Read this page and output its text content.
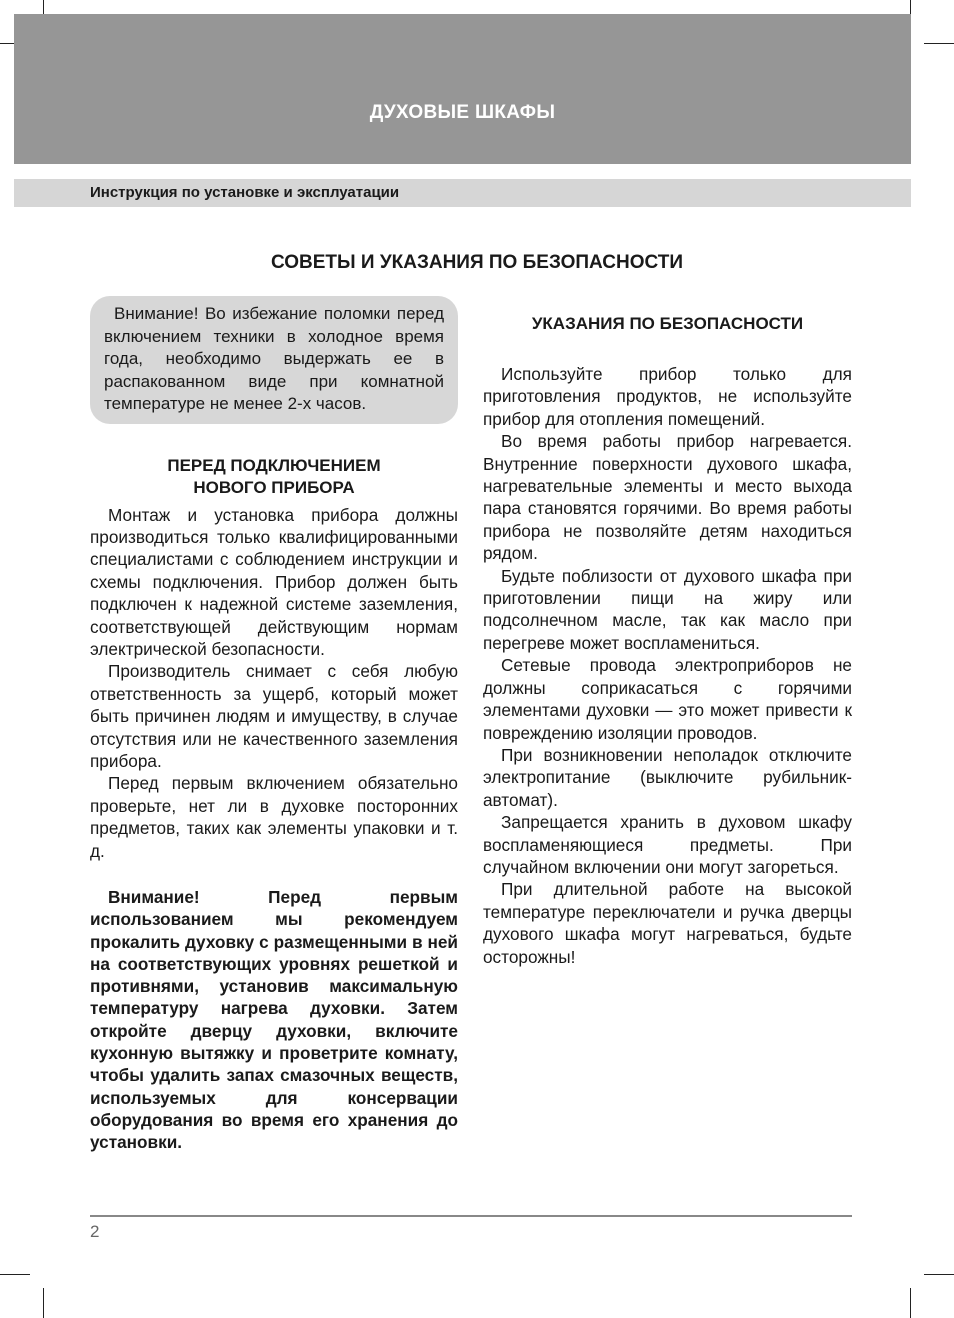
ДУХОВЫЕ ШКАФЫ
Инструкция по установке и эксплуатации
СОВЕТЫ И УКАЗАНИЯ ПО БЕЗОПАСНОСТИ
Внимание! Во избежание поломки перед включением техники в холодное время года, необходимо выдержать ее в распакованном виде при комнатной температуре не менее 2-х часов.
ПЕРЕД ПОДКЛЮЧЕНИЕМ
НОВОГО ПРИБОРА

Монтаж и установка прибора должны производиться только квалифицированными специалистами с соблюдением инструкции и схемы подключения. Прибор должен быть подключен к надежной системе заземления, соответствующей действующим нормам электрической безопасности.

Производитель снимает с себя любую ответственность за ущерб, который может быть причинен людям и имуществу, в случае отсутствия или не качественного заземления прибора.

Перед первым включением обязательно проверьте, нет ли в духовке посторонних предметов, таких как элементы упаковки и т. д.

Внимание! Перед первым использованием мы рекомендуем прокалить духовку с размещенными в ней на соответствующих уровнях решеткой и противнями, установив максимальную температуру нагрева духовки. Затем откройте дверцу духовки, включите кухонную вытяжку и проветрите комнату, чтобы удалить запах смазочных веществ, используемых для консервации оборудования во время его хранения до установки.

УКАЗАНИЯ ПО БЕЗОПАСНОСТИ

Используйте прибор только для приготовления продуктов, не используйте прибор для отопления помещений.

Во время работы прибор нагревается. Внутренние поверхности духового шкафа, нагревательные элементы и место выхода пара становятся горячими. Во время работы прибора не позволяйте детям находиться рядом.

Будьте поблизости от духового шкафа при приготовлении пищи на жиру или подсолнечном масле, так как масло при перегреве может воспламениться.

Сетевые провода электроприборов не должны соприкасаться с горячими элементами духовки — это может привести к повреждению изоляции проводов.

При возникновении неполадок отключите электропитание (выключите рубильник-автомат).

Запрещается хранить в духовом шкафу воспламеняющиеся предметы. При случайном включении они могут загореться.

При длительной работе на высокой температуре переключатели и ручка дверцы духового шкафа могут нагреваться, будьте осторожны!

2
